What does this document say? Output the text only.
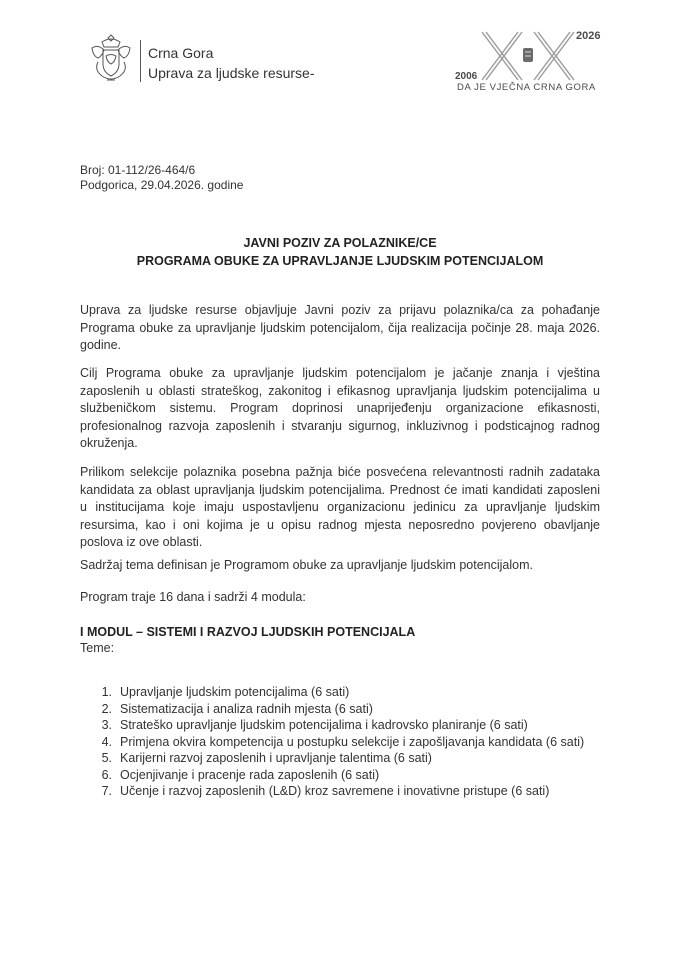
Crna Gora
Uprava za ljudske resurse-
2026
2006
DA JE VJEČNA CRNA GORA
Broj: 01-112/26-464/6
Podgorica, 29.04.2026. godine
JAVNI POZIV ZA POLAZNIKE/CE
PROGRAMA OBUKE ZA UPRAVLJANJE LJUDSKIM POTENCIJALOM

Uprava za ljudske resurse objavljuje Javni poziv za prijavu polaznika/ca za pohađanje Programa obuke za upravljanje ljudskim potencijalom, čija realizacija počinje 28. maja 2026. godine.

Cilj Programa obuke za upravljanje ljudskim potencijalom je jačanje znanja i vještina zaposlenih u oblasti strateškog, zakonitog i efikasnog upravljanja ljudskim potencijalima u službeničkom sistemu. Program doprinosi unaprijeđenju organizacione efikasnosti, profesionalnog razvoja zaposlenih i stvaranju sigurnog, inkluzivnog i podsticajnog radnog okruženja.

Prilikom selekcije polaznika posebna pažnja biće posvećena relevantnosti radnih zadataka kandidata za oblast upravljanja ljudskim potencijalima. Prednost će imati kandidati zaposleni u institucijama koje imaju uspostavljenu organizacionu jedinicu za upravljanje ljudskim resursima, kao i oni kojima je u opisu radnog mjesta neposredno povjereno obavljanje poslova iz ove oblasti.

Sadržaj tema definisan je Programom obuke za upravljanje ljudskim potencijalom.

Program traje 16 dana i sadrži 4 modula:

I MODUL – SISTEMI I RAZVOJ LJUDSKIH POTENCIJALA
Teme:
1. Upravljanje ljudskim potencijalima (6 sati)
2. Sistematizacija i analiza radnih mjesta (6 sati)
3. Strateško upravljanje ljudskim potencijalima i kadrovsko planiranje (6 sati)
4. Primjena okvira kompetencija u postupku selekcije i zapošljavanja kandidata (6 sati)
5. Karijerni razvoj zaposlenih i upravljanje talentima (6 sati)
6. Ocjenjivanje i pracenje rada zaposlenih (6 sati)
7. Učenje i razvoj zaposlenih (L&D) kroz savremene i inovativne pristupe (6 sati)
